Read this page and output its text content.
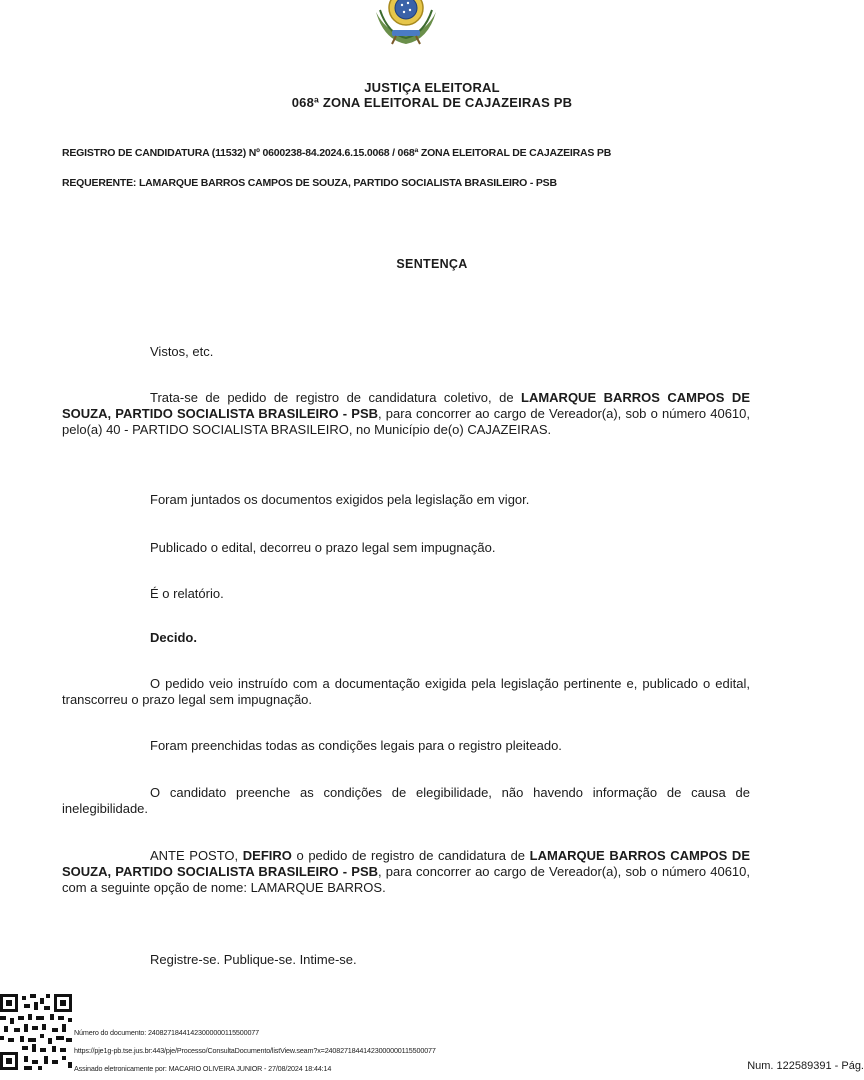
JUSTIÇA ELEITORAL
068ª ZONA ELEITORAL DE CAJAZEIRAS PB
REGISTRO DE CANDIDATURA (11532) Nº 0600238-84.2024.6.15.0068 / 068ª ZONA ELEITORAL DE CAJAZEIRAS PB
REQUERENTE: LAMARQUE BARROS CAMPOS DE SOUZA, PARTIDO SOCIALISTA BRASILEIRO - PSB
SENTENÇA
Vistos, etc.
Trata-se de pedido de registro de candidatura coletivo, de LAMARQUE BARROS CAMPOS DE SOUZA, PARTIDO SOCIALISTA BRASILEIRO - PSB, para concorrer ao cargo de Vereador(a), sob o número 40610, pelo(a) 40 - PARTIDO SOCIALISTA BRASILEIRO, no Município de(o) CAJAZEIRAS.
Foram juntados os documentos exigidos pela legislação em vigor.
Publicado o edital, decorreu o prazo legal sem impugnação.
É o relatório.
Decido.
O pedido veio instruído com a documentação exigida pela legislação pertinente e, publicado o edital, transcorreu o prazo legal sem impugnação.
Foram preenchidas todas as condições legais para o registro pleiteado.
O candidato preenche as condições de elegibilidade, não havendo informação de causa de inelegibilidade.
ANTE POSTO, DEFIRO o pedido de registro de candidatura de LAMARQUE BARROS CAMPOS DE SOUZA, PARTIDO SOCIALISTA BRASILEIRO - PSB, para concorrer ao cargo de Vereador(a), sob o número 40610, com a seguinte opção de nome: LAMARQUE BARROS.
Registre-se. Publique-se. Intime-se.
Número do documento: 24082718441423000000115500077
https://pje1g-pb.tse.jus.br:443/pje/Processo/ConsultaDocumento/listView.seam?x=24082718441423000000115500077
Assinado eletronicamente por: MACARIO OLIVEIRA JUNIOR - 27/08/2024 18:44:14	Num. 122589391 - Pág.
